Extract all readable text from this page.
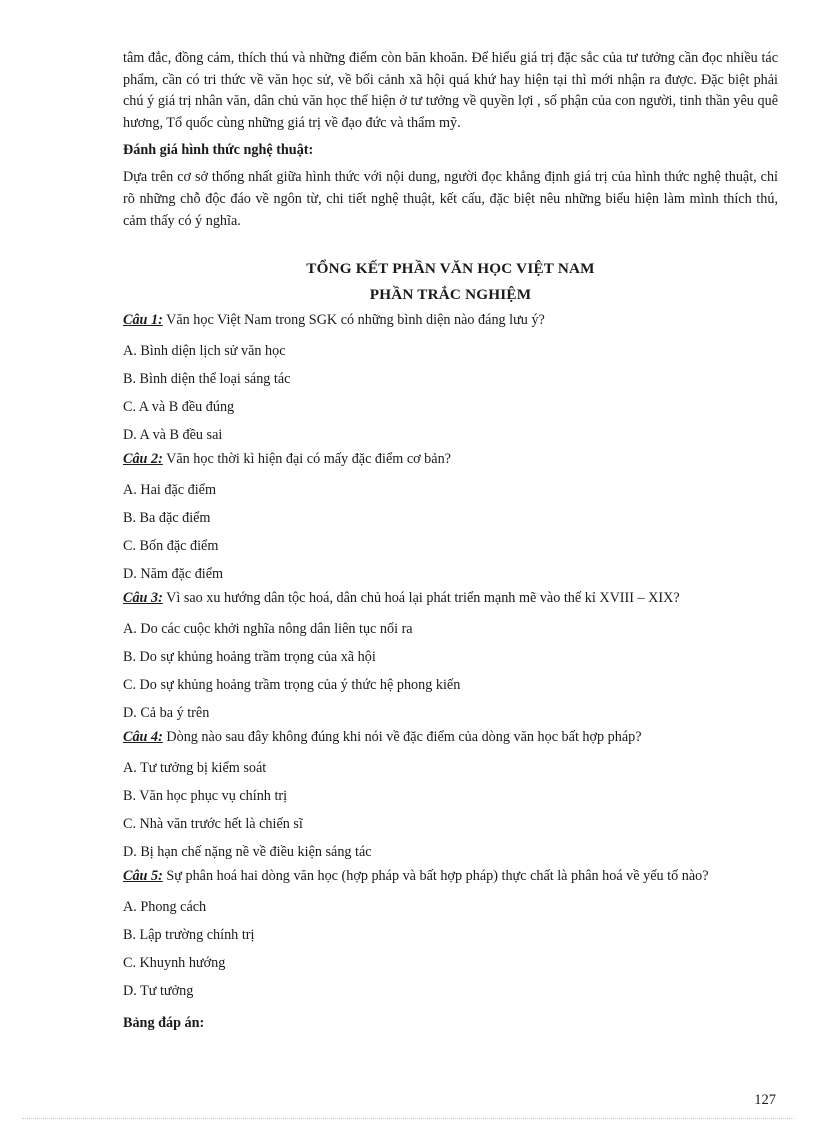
tâm đắc, đồng cảm, thích thú và những điểm còn băn khoăn. Để hiểu giá trị đặc sắc của tư tưởng cần đọc nhiều tác phẩm, cần có tri thức về văn học sử, về bối cảnh xã hội quá khứ hay hiện tại thì mới nhận ra được. Đặc biệt phải chú ý giá trị nhân văn, dân chủ văn học thể hiện ở tư tưởng về quyền lợi , số phận của con người, tinh thần yêu quê hương, Tổ quốc cùng những giá trị về đạo đức và thẩm mỹ.

Đánh giá hình thức nghệ thuật:

Dựa trên cơ sở thống nhất giữa hình thức với nội dung, người đọc khẳng định giá trị của hình thức nghệ thuật, chỉ rõ những chỗ độc đáo về ngôn từ, chi tiết nghệ thuật, kết cấu, đặc biệt nêu những biểu hiện làm mình thích thú, cảm thấy có ý nghĩa.

TỔNG KẾT PHẦN VĂN HỌC VIỆT NAM
PHẦN TRẮC NGHIỆM

Câu 1: Văn học Việt Nam trong SGK có những bình diện nào đáng lưu ý?

A. Bình diện lịch sử văn học

B. Bình diện thể loại sáng tác

C. A và B đều đúng

D. A và B đều sai

Câu 2: Văn học thời kì hiện đại có mấy đặc điểm cơ bản?

A. Hai đặc điểm

B. Ba đặc điểm

C. Bốn đặc điểm

D. Năm đặc điểm

Câu 3: Vì sao xu hướng dân tộc hoá, dân chủ hoá lại phát triển mạnh mẽ vào thế kỉ XVIII – XIX?

A. Do các cuộc khởi nghĩa nông dân liên tục nổi ra

B. Do sự khủng hoảng trầm trọng của xã hội

C. Do sự khủng hoảng trầm trọng của ý thức hệ phong kiến

D. Cả ba ý trên

Câu 4: Dòng nào sau đây không đúng khi nói về đặc điểm của dòng văn học bất hợp pháp?

A. Tư tưởng bị kiểm soát

B. Văn học phục vụ chính trị

C. Nhà văn trước hết là chiến sĩ

D. Bị hạn chế nặng nề về điều kiện sáng tác

Câu 5: Sự phân hoá hai dòng văn học (hợp pháp và bất hợp pháp) thực chất là phân hoá về yếu tố nào?

A. Phong cách

B. Lập trường chính trị

C. Khuynh hướng

D. Tư tưởng

Bảng đáp án:

127
